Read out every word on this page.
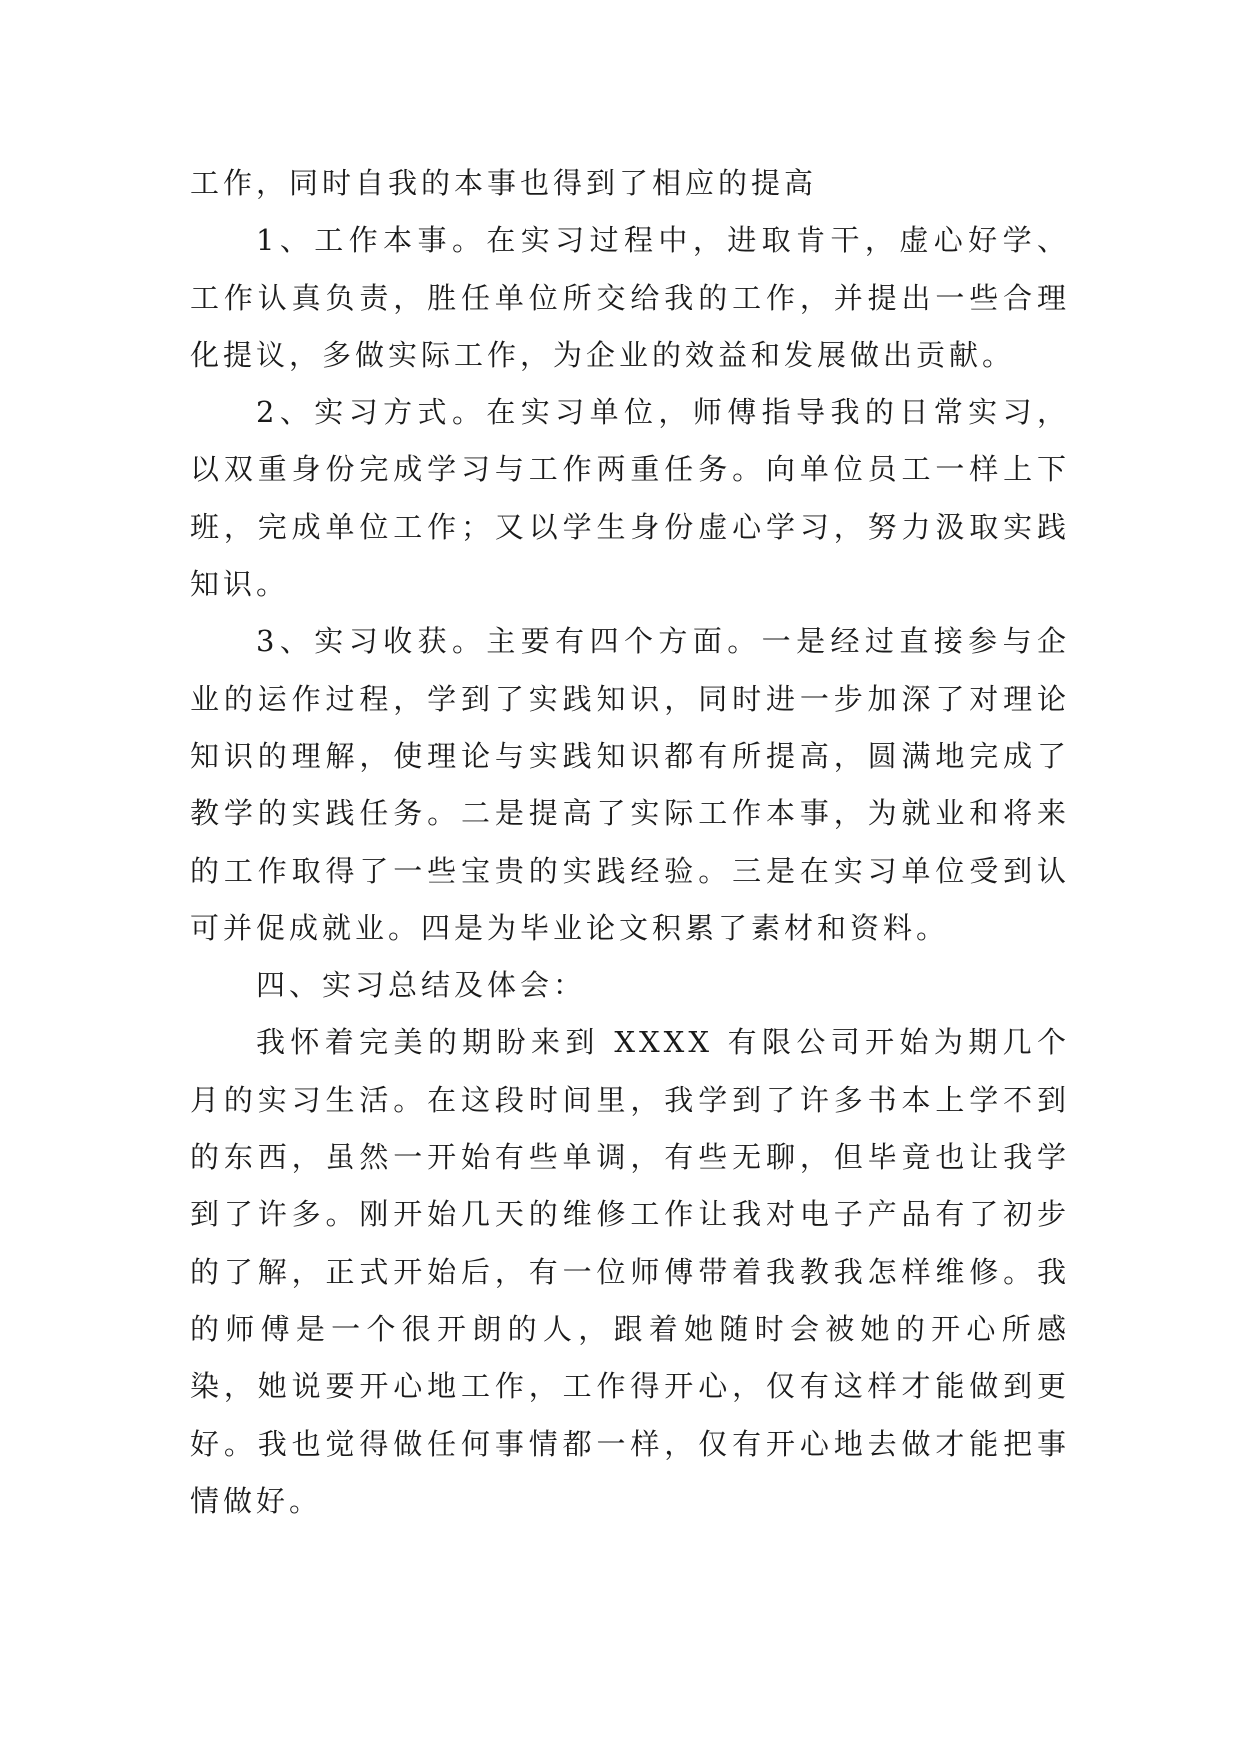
工作，同时自我的本事也得到了相应的提高

1、工作本事。在实习过程中，进取肯干，虚心好学、工作认真负责，胜任单位所交给我的工作，并提出一些合理化提议，多做实际工作，为企业的效益和发展做出贡献。

2、实习方式。在实习单位，师傅指导我的日常实习，以双重身份完成学习与工作两重任务。向单位员工一样上下班，完成单位工作；又以学生身份虚心学习，努力汲取实践知识。

3、实习收获。主要有四个方面。一是经过直接参与企业的运作过程，学到了实践知识，同时进一步加深了对理论知识的理解，使理论与实践知识都有所提高，圆满地完成了教学的实践任务。二是提高了实际工作本事，为就业和将来的工作取得了一些宝贵的实践经验。三是在实习单位受到认可并促成就业。四是为毕业论文积累了素材和资料。

四、实习总结及体会：

我怀着完美的期盼来到 XXXX 有限公司开始为期几个月的实习生活。在这段时间里，我学到了许多书本上学不到的东西，虽然一开始有些单调，有些无聊，但毕竟也让我学到了许多。刚开始几天的维修工作让我对电子产品有了初步的了解，正式开始后，有一位师傅带着我教我怎样维修。我的师傅是一个很开朗的人，跟着她随时会被她的开心所感染，她说要开心地工作，工作得开心，仅有这样才能做到更好。我也觉得做任何事情都一样，仅有开心地去做才能把事情做好。
